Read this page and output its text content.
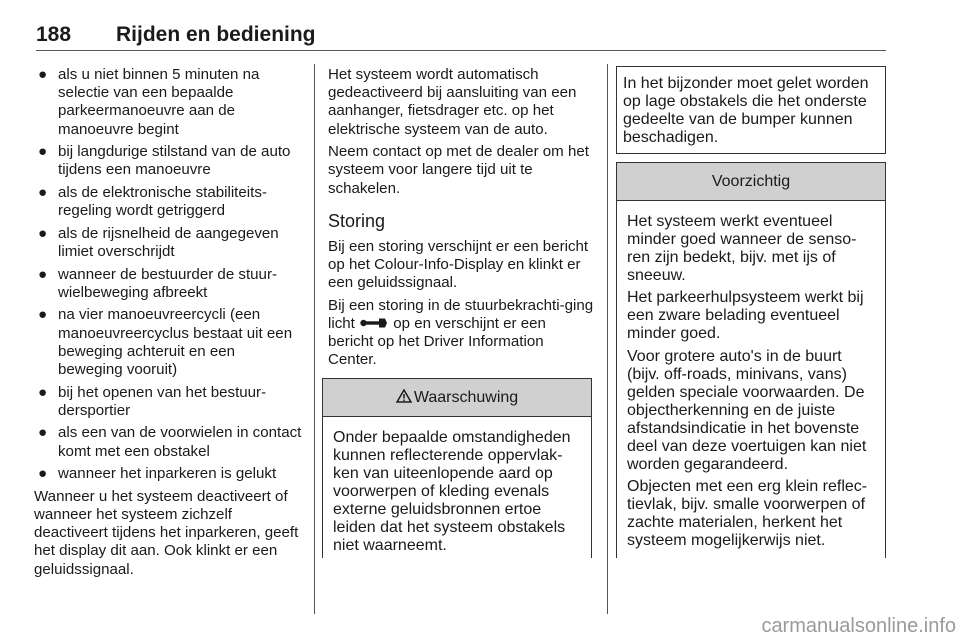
188 Rijden en bediening
● als u niet binnen 5 minuten na selectie van een bepaalde parkeermanoeuvre aan de manoeuvre begint
● bij langdurige stilstand van de auto tijdens een manoeuvre
● als de elektronische stabiliteits-regeling wordt getriggerd
● als de rijsnelheid de aangegeven limiet overschrijdt
● wanneer de bestuurder de stuur-wielbeweging afbreekt
● na vier manoeuvreercycli (een manoeuvreercyclus bestaat uit een beweging achteruit en een beweging vooruit)
● bij het openen van het bestuur-dersportier
● als een van de voorwielen in contact komt met een obstakel
● wanneer het inparkeren is gelukt

Wanneer u het systeem deactiveert of wanneer het systeem zichzelf deactiveert tijdens het inparkeren, geeft het display dit aan. Ook klinkt er een geluidssignaal.

Het systeem wordt automatisch gedeactiveerd bij aansluiting van een aanhanger, fietsdrager etc. op het elektrische systeem van de auto.

Neem contact op met de dealer om het systeem voor langere tijd uit te schakelen.

Storing

Bij een storing verschijnt er een bericht op het Colour-Info-Display en klinkt er een geluidssignaal.

Bij een storing in de stuurbekrachti-ging licht	op en verschijnt er een bericht op het Driver Information Center.

Waarschuwing
Onder bepaalde omstandigheden kunnen reflecterende oppervlak-ken van uiteenlopende aard op voorwerpen of kleding evenals externe geluidsbronnen ertoe leiden dat het systeem obstakels niet waarneemt.
In het bijzonder moet gelet worden op lage obstakels die het onderste gedeelte van de bumper kunnen beschadigen.
Voorzichtig

Het systeem werkt eventueel minder goed wanneer de senso-ren zijn bedekt, bijv. met ijs of sneeuw.

Het parkeerhulpsysteem werkt bij een zware belading eventueel minder goed.

Voor grotere auto's in de buurt (bijv. off-roads, minivans, vans) gelden speciale voorwaarden. De objectherkenning en de juiste afstandsindicatie in het bovenste deel van deze voertuigen kan niet worden gegarandeerd.

Objecten met een erg klein reflec-tievlak, bijv. smalle voorwerpen of zachte materialen, herkent het systeem mogelijkerwijs niet.

carmanualsonline.info
